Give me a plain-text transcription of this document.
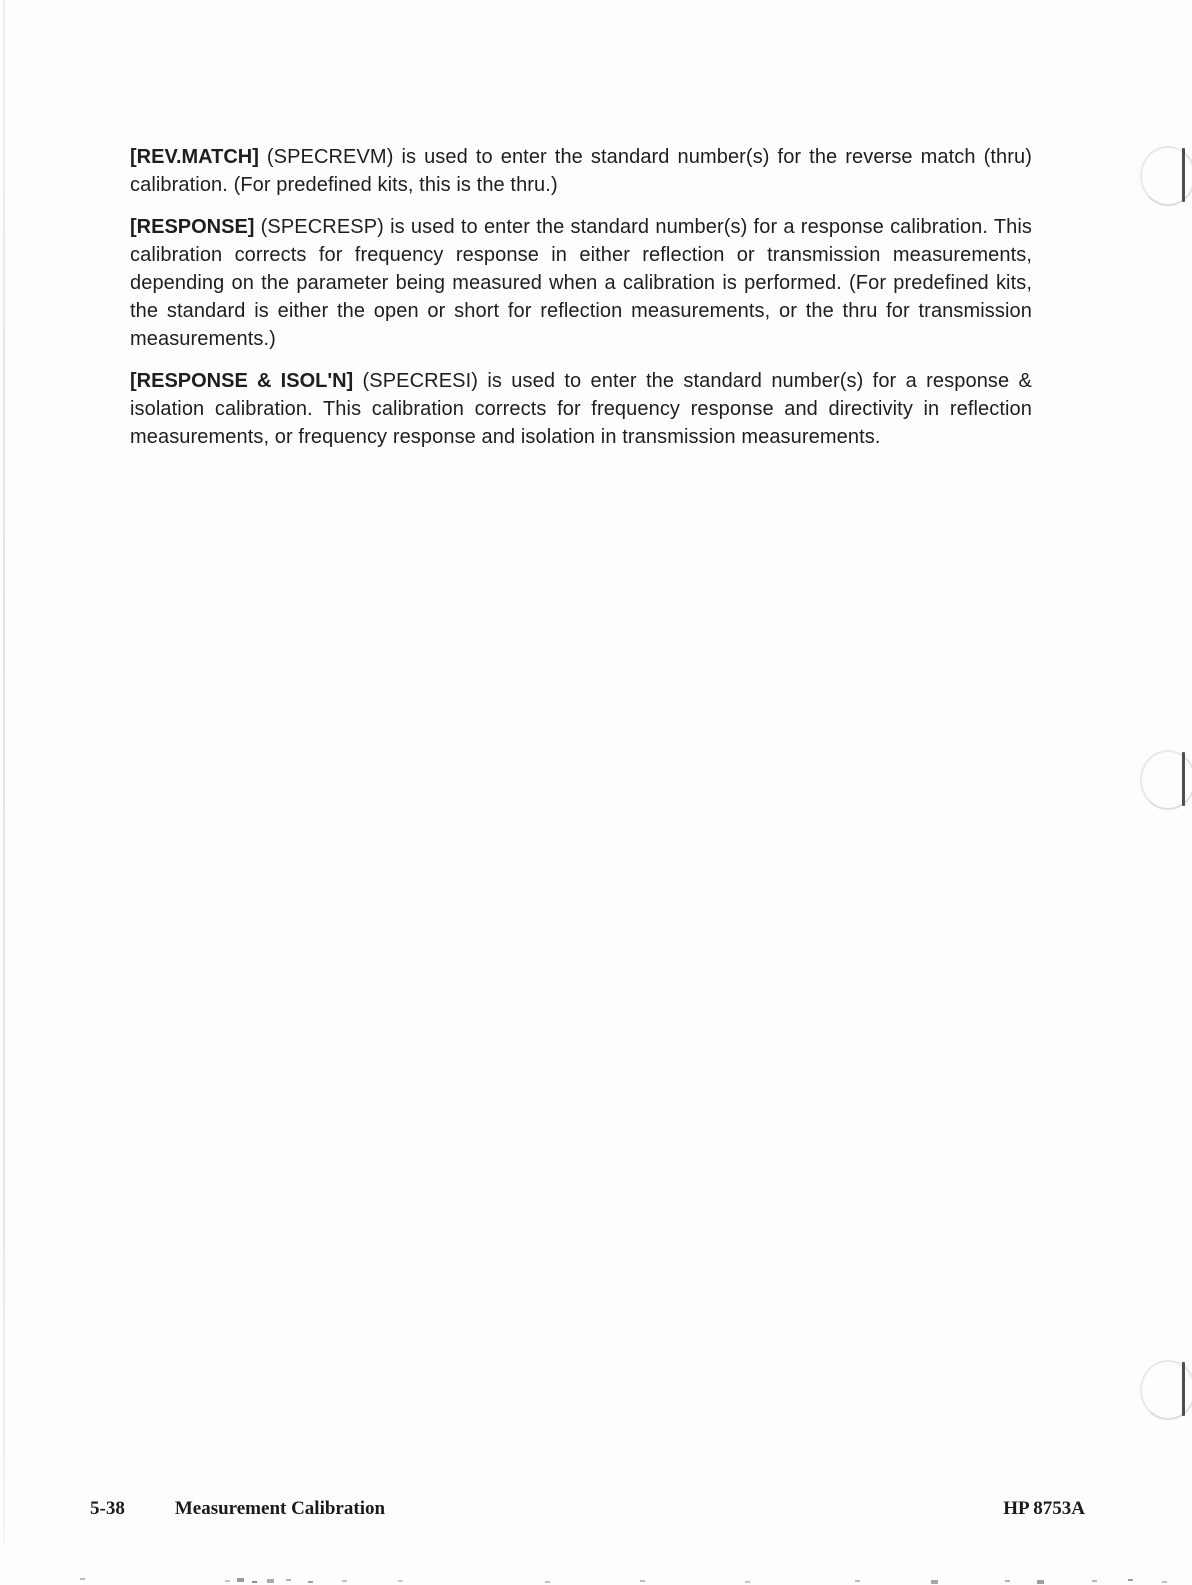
[REV.MATCH] (SPECREVM) is used to enter the standard number(s) for the reverse match (thru) calibration. (For predefined kits, this is the thru.)

[RESPONSE] (SPECRESP) is used to enter the standard number(s) for a response calibration. This calibration corrects for frequency response in either reflection or transmission measurements, depending on the parameter being measured when a calibration is performed. (For predefined kits, the standard is either the open or short for reflection measurements, or the thru for transmission measurements.)

[RESPONSE & ISOL'N] (SPECRESI) is used to enter the standard number(s) for a response & isolation calibration. This calibration corrects for frequency response and directivity in reflection measurements, or frequency response and isolation in transmission measurements.

5-38	Measurement Calibration	HP 8753A
